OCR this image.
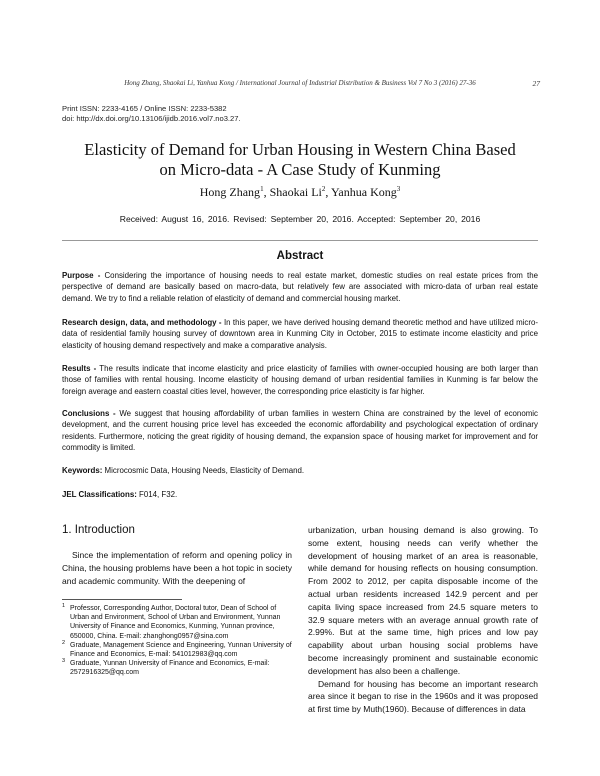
Hong Zhang, Shaokai Li, Yanhua Kong / International Journal of Industrial Distribution & Business Vol 7 No 3 (2016) 27-36	27
Print ISSN: 2233-4165 / Online ISSN: 2233-5382
doi: http://dx.doi.org/10.13106/ijidb.2016.vol7.no3.27.
Elasticity of Demand for Urban Housing in Western China Based
on Micro-data - A Case Study of Kunming
Hong Zhang$^1$, Shaokai Li$^2$, Yanhua Kong$^3$
Received: August 16, 2016. Revised: September 20, 2016. Accepted: September 20, 2016
Abstract
Purpose - Considering the importance of housing needs to real estate market, domestic studies on real estate prices from the perspective of demand are basically based on macro-data, but relatively few are associated with micro-data of urban real estate demand. We try to find a reliable relation of elasticity of demand and commercial housing market.
Research design, data, and methodology - In this paper, we have derived housing demand theoretic method and have utilized micro-data of residential family housing survey of downtown area in Kunming City in October, 2015 to estimate income elasticity and price elasticity of housing demand respectively and make a comparative analysis.
Results - The results indicate that income elasticity and price elasticity of families with owner-occupied housing are both larger than those of families with rental housing. Income elasticity of housing demand of urban residential families in Kunming is far below the foreign average and eastern coastal cities level, however, the corresponding price elasticity is far higher.
Conclusions - We suggest that housing affordability of urban families in western China are constrained by the level of economic development, and the current housing price level has exceeded the economic affordability and psychological expectation of ordinary residents. Furthermore, noticing the great rigidity of housing demand, the expansion space of housing market for improvement and for commodity is limited.
Keywords: Microcosmic Data, Housing Needs, Elasticity of Demand.
JEL Classifications: F014, F32.
1. Introduction
Since the implementation of reform and opening policy in China, the housing problems have been a hot topic in society and academic community. With the deepening of
1 Professor, Corresponding Author, Doctoral tutor, Dean of School of Urban and Environment, School of Urban and Environment, Yunnan University of Finance and Economics, Kunming, Yunnan province, 650000, China. E-mail: zhanghong0957@sina.com
2 Graduate, Management Science and Engineering, Yunnan University of Finance and Economics, E-mail: 541012983@qq.com
3 Graduate, Yunnan University of Finance and Economics, E-mail: 2572916325@qq.com
urbanization, urban housing demand is also growing. To some extent, housing needs can verify whether the development of housing market of an area is reasonable, while demand for housing reflects on housing consumption. From 2002 to 2012, per capita disposable income of the actual urban residents increased 142.9 percent and per capita living space increased from 24.5 square meters to 32.9 square meters with an average annual growth rate of 2.99%. But at the same time, high prices and low pay capability about urban housing social problems have become increasingly prominent and sustainable economic development has also been a challenge.
Demand for housing has become an important research area since it began to rise in the 1960s and it was proposed at first time by Muth(1960). Because of differences in data
